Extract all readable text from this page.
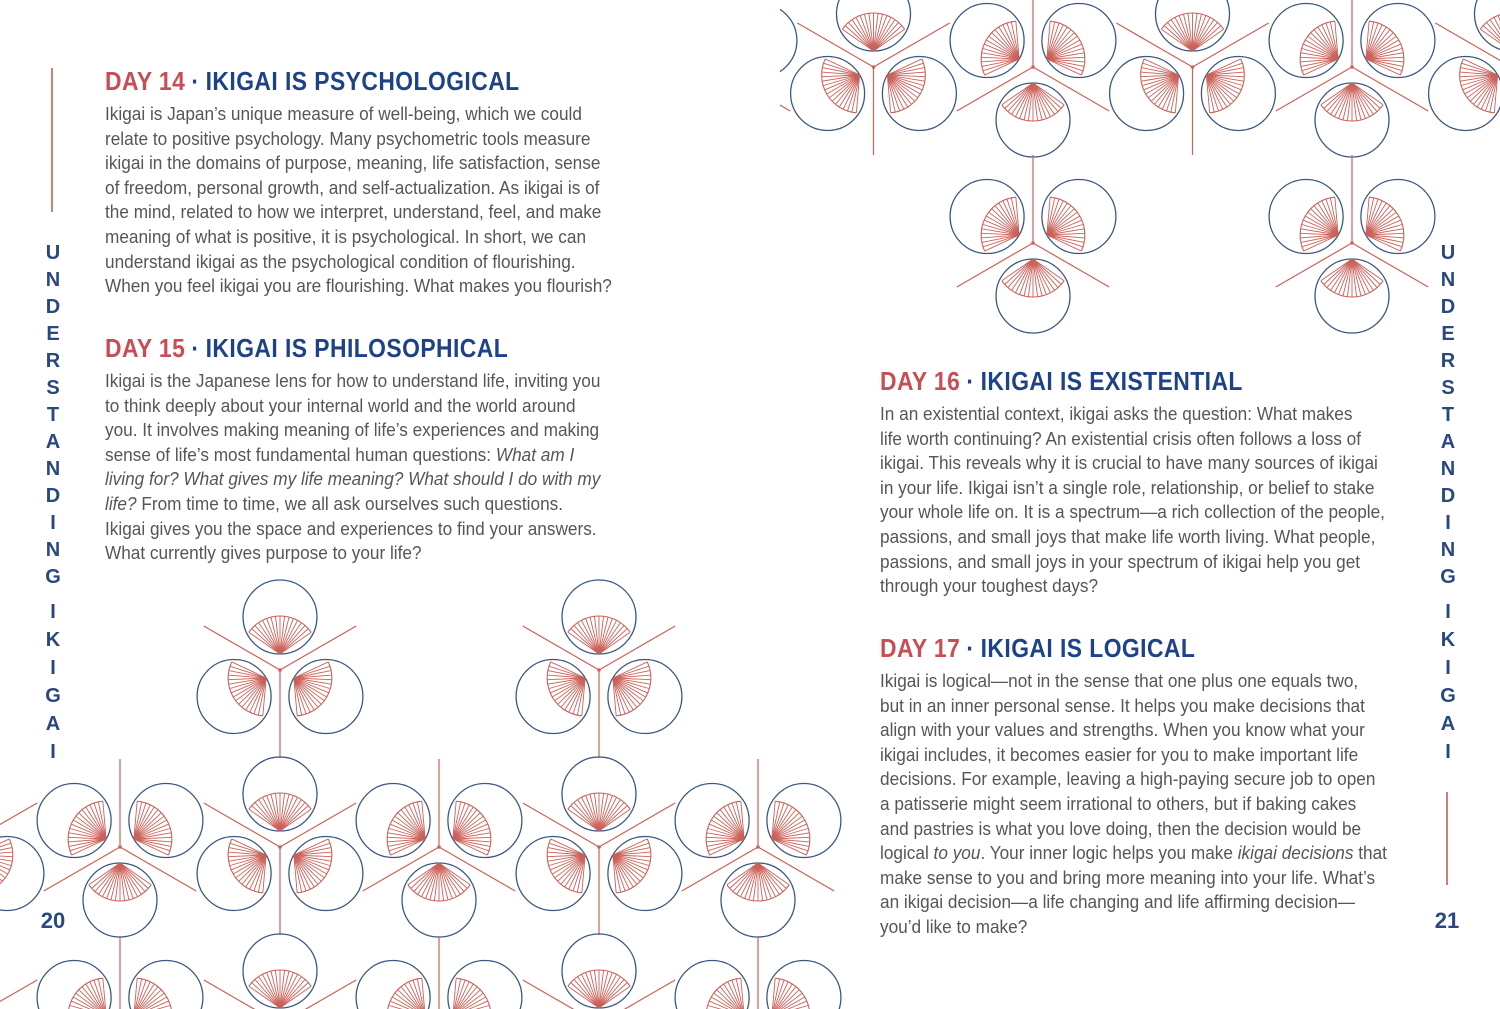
U
N
D
E
R
S
T
A
N
D
I
N
G
I
K
I
G
A
I
20
U
N
D
E
R
S
T
A
N
D
I
N
G
I
K
I
G
A
I
21
DAY 14 · IKIGAI IS PSYCHOLOGICAL
Ikigai is Japan’s unique measure of well-being, which we could
relate to positive psychology. Many psychometric tools measure
ikigai in the domains of purpose, meaning, life satisfaction, sense
of freedom, personal growth, and self-actualization. As ikigai is of
the mind, related to how we interpret, understand, feel, and make
meaning of what is positive, it is psychological. In short, we can
understand ikigai as the psychological condition of flourishing.
When you feel ikigai you are flourishing. What makes you flourish?
DAY 15 · IKIGAI IS PHILOSOPHICAL
Ikigai is the Japanese lens for how to understand life, inviting you
to think deeply about your internal world and the world around
you. It involves making meaning of life’s experiences and making
sense of life’s most fundamental human questions: What am I
living for? What gives my life meaning? What should I do with my
life? From time to time, we all ask ourselves such questions.
Ikigai gives you the space and experiences to find your answers.
What currently gives purpose to your life?
DAY 16 · IKIGAI IS EXISTENTIAL
In an existential context, ikigai asks the question: What makes
life worth continuing? An existential crisis often follows a loss of
ikigai. This reveals why it is crucial to have many sources of ikigai
in your life. Ikigai isn’t a single role, relationship, or belief to stake
your whole life on. It is a spectrum—a rich collection of the people,
passions, and small joys that make life worth living. What people,
passions, and small joys in your spectrum of ikigai help you get
through your toughest days?
DAY 17 · IKIGAI IS LOGICAL
Ikigai is logical—not in the sense that one plus one equals two,
but in an inner personal sense. It helps you make decisions that
align with your values and strengths. When you know what your
ikigai includes, it becomes easier for you to make important life
decisions. For example, leaving a high-paying secure job to open
a patisserie might seem irrational to others, but if baking cakes
and pastries is what you love doing, then the decision would be
logical to you. Your inner logic helps you make ikigai decisions that
make sense to you and bring more meaning into your life. What’s
an ikigai decision—a life changing and life affirming decision—
you’d like to make?
